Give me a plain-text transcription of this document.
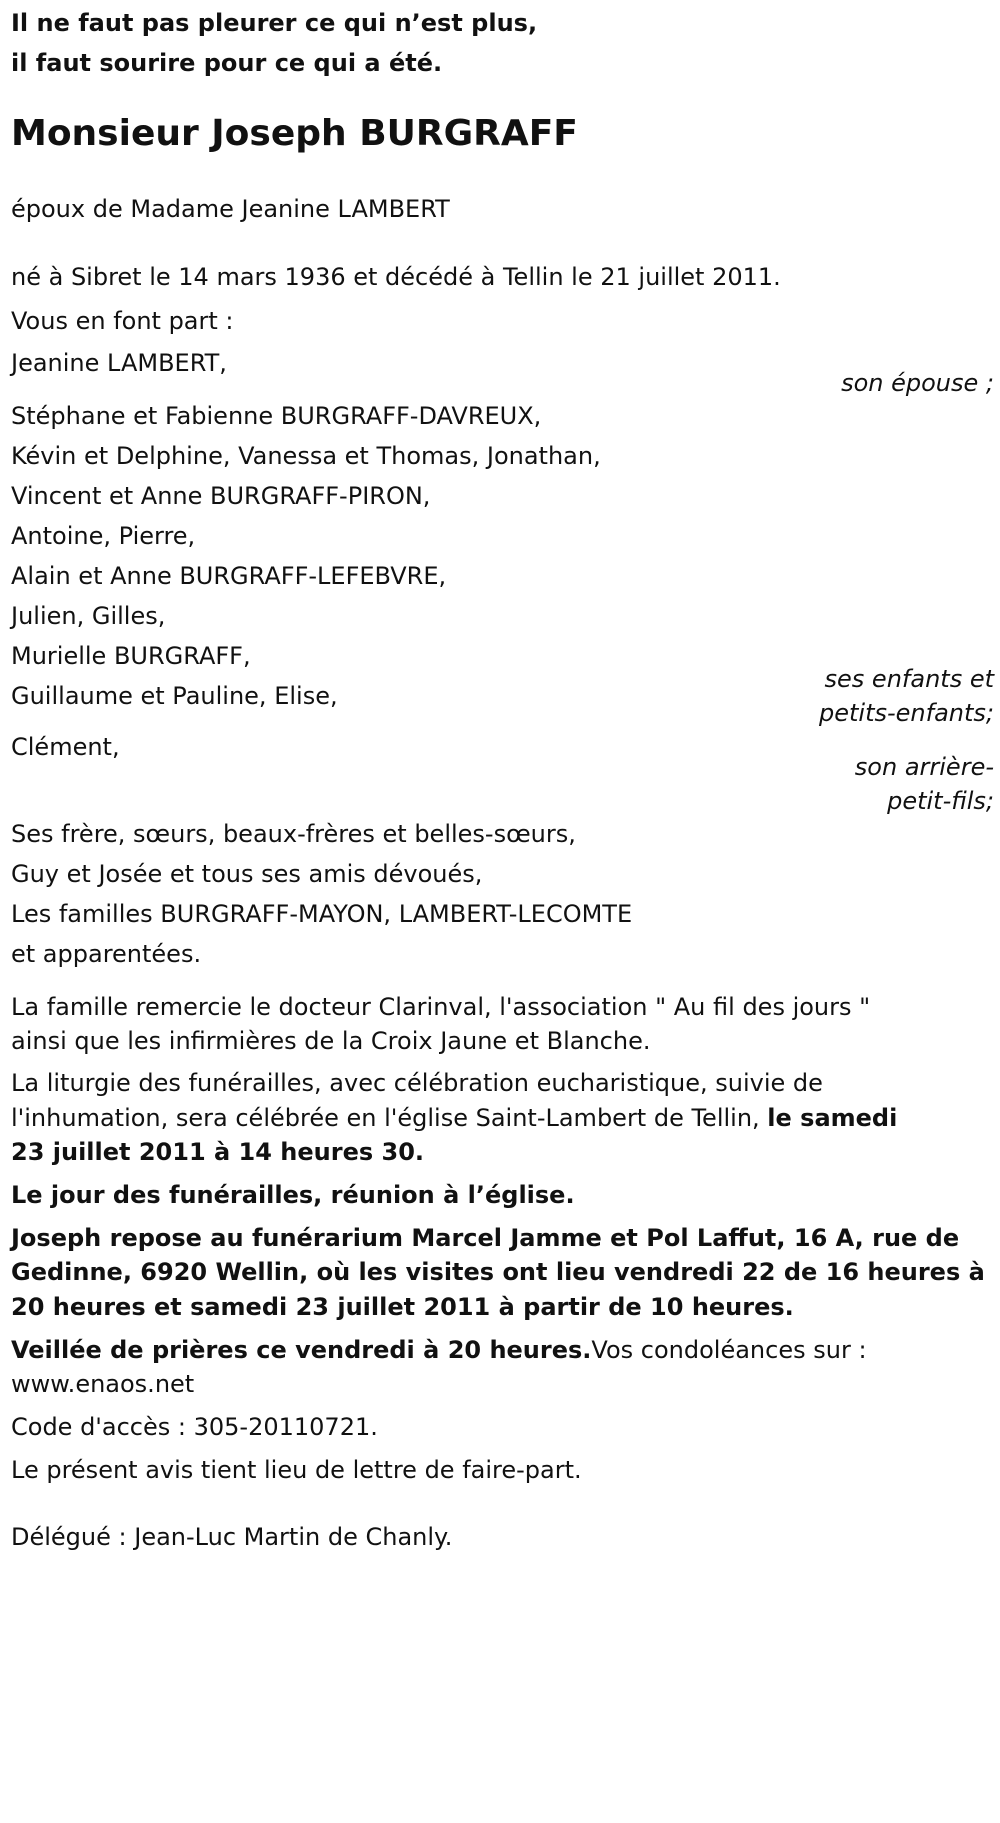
Il ne faut pas pleurer ce qui n’est plus,
il faut sourire pour ce qui a été.
Monsieur Joseph BURGRAFF
époux de Madame Jeanine LAMBERT
né à Sibret le 14 mars 1936 et décédé à Tellin le 21 juillet 2011.
Vous en font part :
Jeanine LAMBERT,
son épouse ;
Stéphane et Fabienne BURGRAFF-DAVREUX,
Kévin et Delphine, Vanessa et Thomas, Jonathan,
Vincent et Anne BURGRAFF-PIRON,
Antoine, Pierre,
Alain et Anne BURGRAFF-LEFEBVRE,
Julien, Gilles,
Murielle BURGRAFF,
Guillaume et Pauline, Elise,
ses enfants et
petits-enfants;
Clément,
son arrière-
petit-fils;
Ses frère, sœurs, beaux-frères et belles-sœurs,
Guy et Josée et tous ses amis dévoués,
Les familles BURGRAFF-MAYON, LAMBERT-LECOMTE
et apparentées.
La famille remercie le docteur Clarinval, l'association " Au fil des jours "
ainsi que les infirmières de la Croix Jaune et Blanche.
La liturgie des funérailles, avec célébration eucharistique, suivie de
l'inhumation, sera célébrée en l'église Saint-Lambert de Tellin, le samedi
23 juillet 2011 à 14 heures 30.
Le jour des funérailles, réunion à l’église.
Joseph repose au funérarium Marcel Jamme et Pol Laffut, 16 A, rue de
Gedinne, 6920 Wellin, où les visites ont lieu vendredi 22 de 16 heures à
20 heures et samedi 23 juillet 2011 à partir de 10 heures.
Veillée de prières ce vendredi à 20 heures.Vos condoléances sur :
www.enaos.net
Code d'accès : 305-20110721.
Le présent avis tient lieu de lettre de faire-part.
Délégué : Jean-Luc Martin de Chanly.
